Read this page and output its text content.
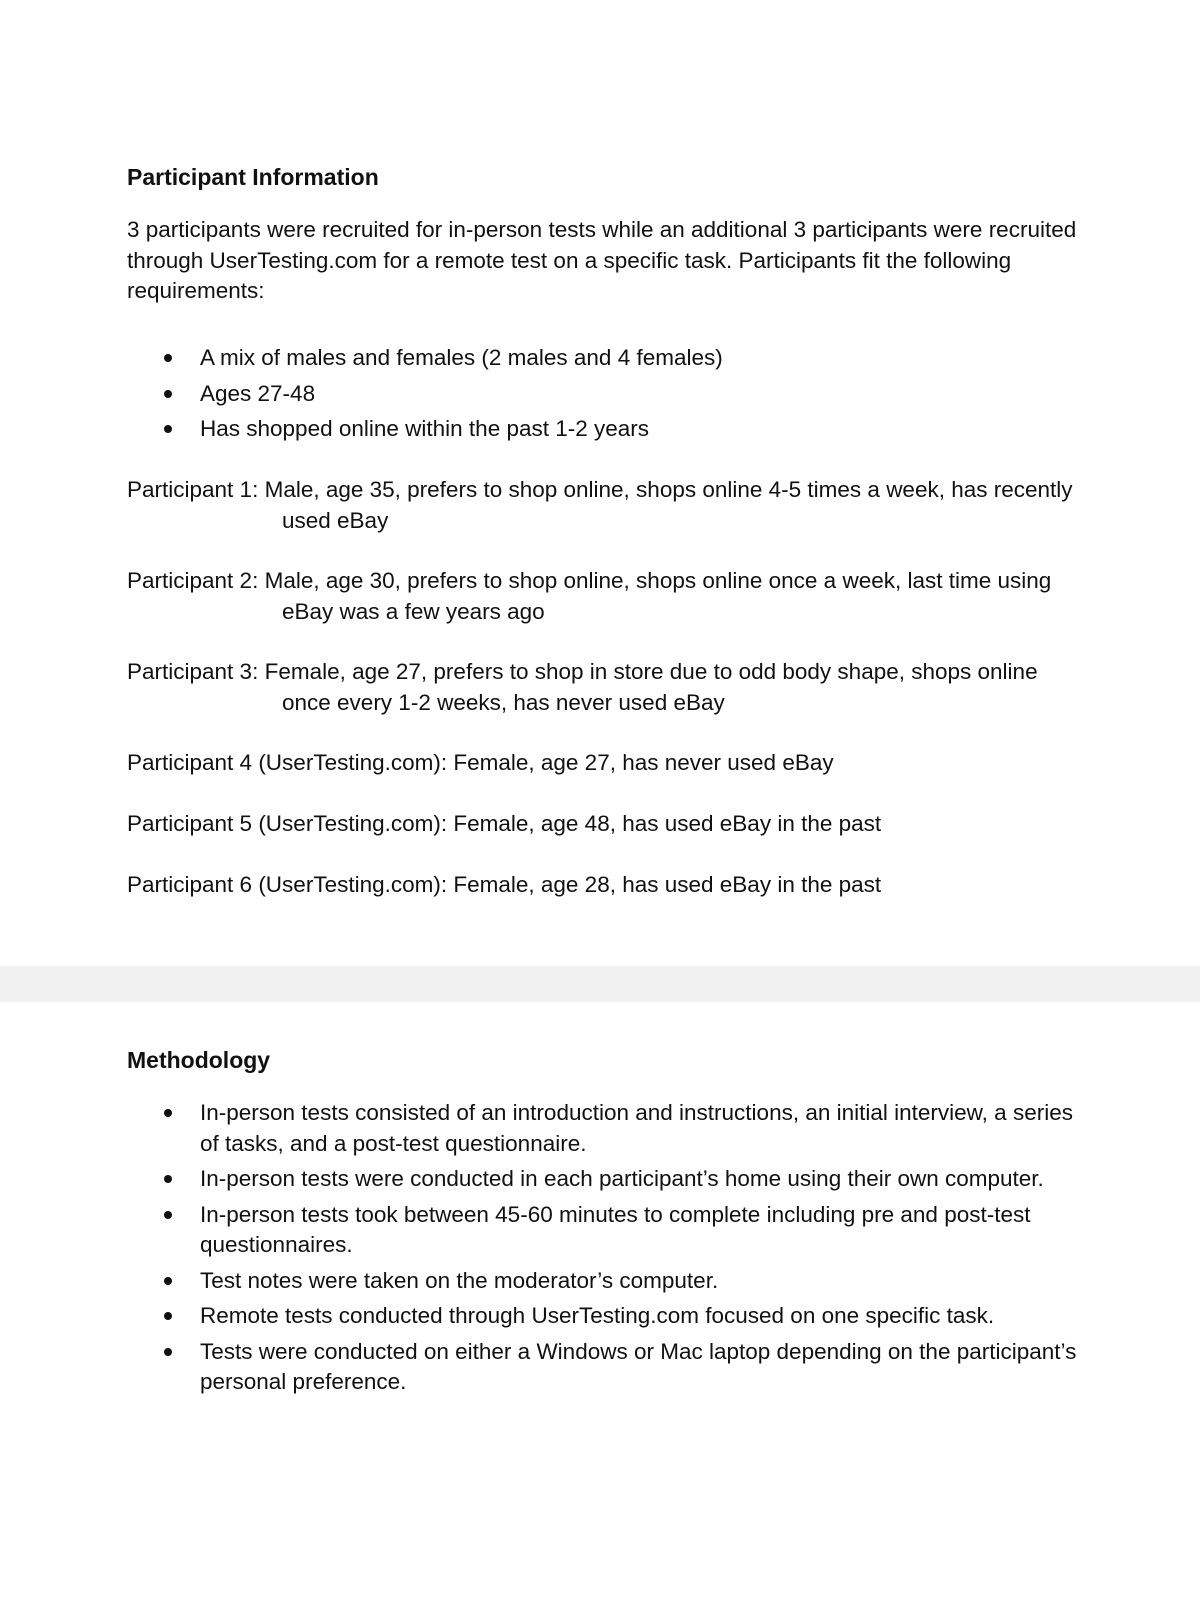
Participant Information

3 participants were recruited for in-person tests while an additional 3 participants were recruited through UserTesting.com for a remote test on a specific task. Participants fit the following requirements:

A mix of males and females (2 males and 4 females)
Ages 27-48
Has shopped online within the past 1-2 years

Participant 1: Male, age 35, prefers to shop online, shops online 4-5 times a week, has recently used eBay

Participant 2: Male, age 30, prefers to shop online, shops online once a week, last time using eBay was a few years ago

Participant 3: Female, age 27, prefers to shop in store due to odd body shape, shops online once every 1-2 weeks, has never used eBay

Participant 4 (UserTesting.com): Female, age 27, has never used eBay

Participant 5 (UserTesting.com): Female, age 48, has used eBay in the past

Participant 6 (UserTesting.com): Female, age 28, has used eBay in the past

Methodology
In-person tests consisted of an introduction and instructions, an initial interview, a series of tasks, and a post-test questionnaire.
In-person tests were conducted in each participant’s home using their own computer.
In-person tests took between 45-60 minutes to complete including pre and post-test questionnaires.
Test notes were taken on the moderator’s computer.
Remote tests conducted through UserTesting.com focused on one specific task.
Tests were conducted on either a Windows or Mac laptop depending on the participant’s personal preference.
